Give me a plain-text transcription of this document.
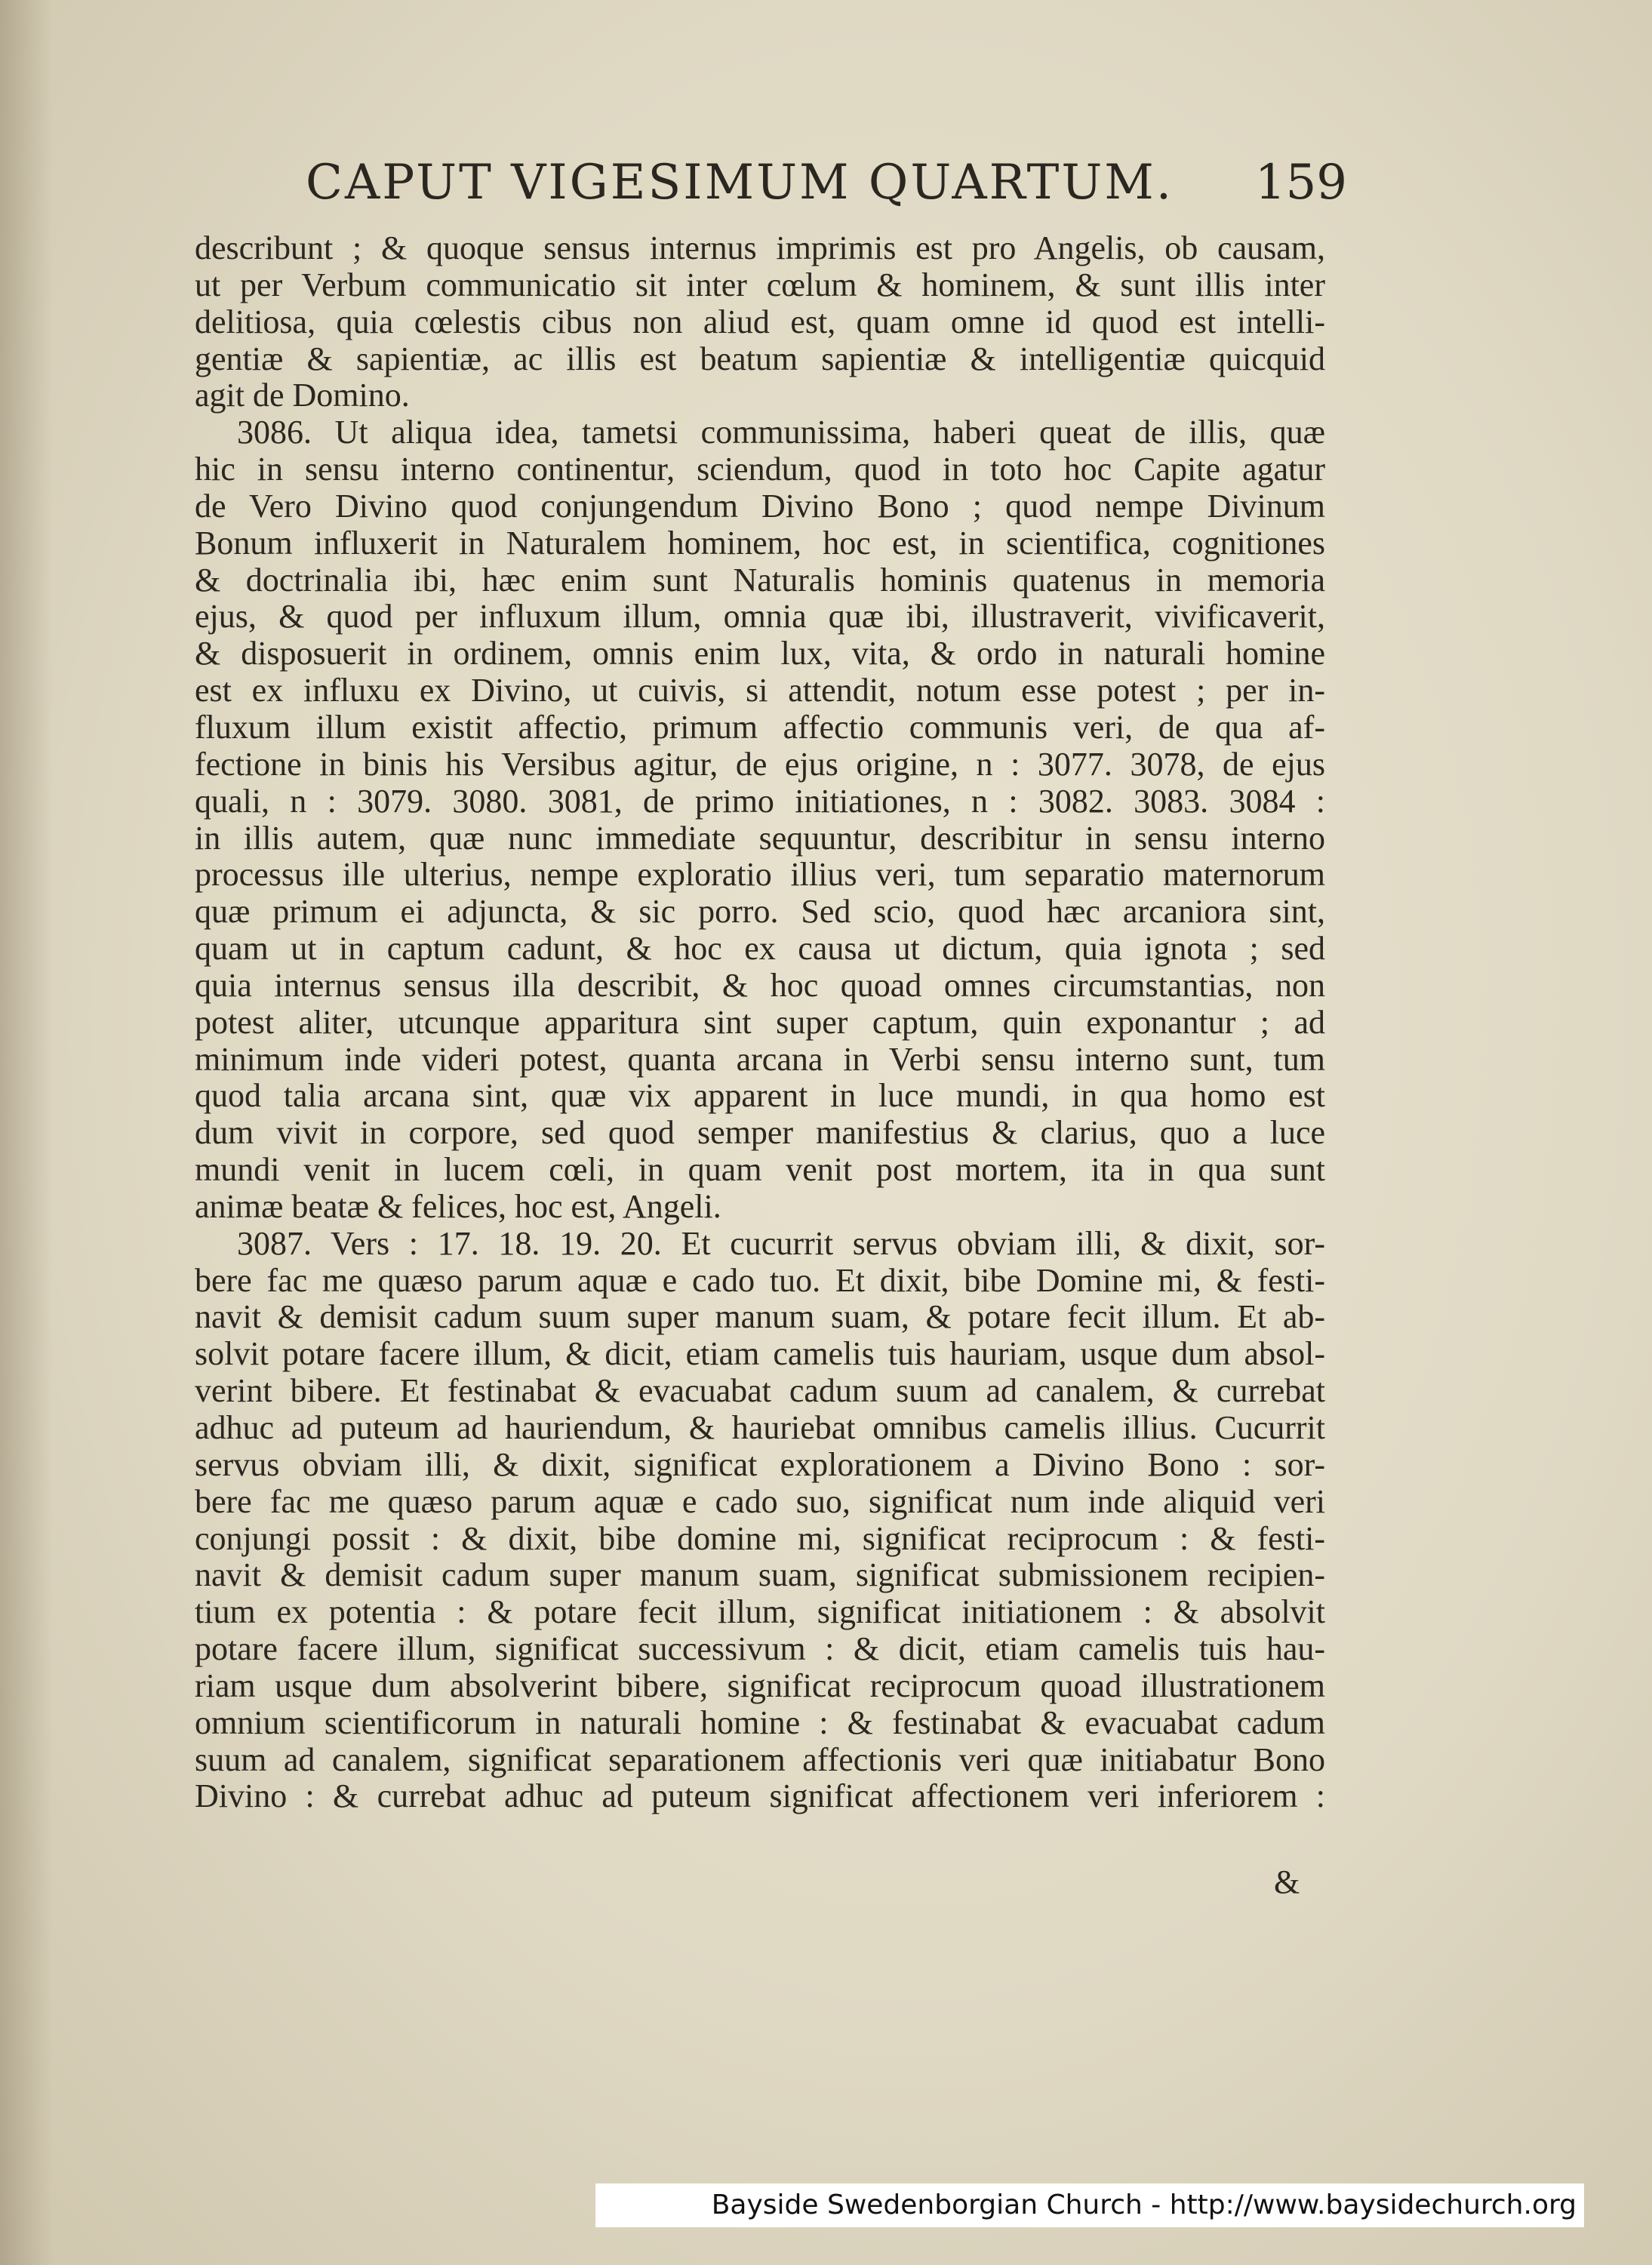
CAPUT VIGESIMUM QUARTUM. 159
describunt ; & quoque sensus internus imprimis est pro Angelis, ob causam,
ut per Verbum communicatio sit inter cœlum & hominem, & sunt illis inter
delitiosa, quia cœlestis cibus non aliud est, quam omne id quod est intelli-
gentiæ & sapientiæ, ac illis est beatum sapientiæ & intelligentiæ quicquid
agit de Domino.
3086. Ut aliqua idea, tametsi communissima, haberi queat de illis, quæ
hic in sensu interno continentur, sciendum, quod in toto hoc Capite agatur
de Vero Divino quod conjungendum Divino Bono ; quod nempe Divinum
Bonum influxerit in Naturalem hominem, hoc est, in scientifica, cognitiones
& doctrinalia ibi, hæc enim sunt Naturalis hominis quatenus in memoria
ejus, & quod per influxum illum, omnia quæ ibi, illustraverit, vivificaverit,
& disposuerit in ordinem, omnis enim lux, vita, & ordo in naturali homine
est ex influxu ex Divino, ut cuivis, si attendit, notum esse potest ; per in-
fluxum illum existit affectio, primum affectio communis veri, de qua af-
fectione in binis his Versibus agitur, de ejus origine, n : 3077. 3078, de ejus
quali, n : 3079. 3080. 3081, de primo initiationes, n : 3082. 3083. 3084 :
in illis autem, quæ nunc immediate sequuntur, describitur in sensu interno
processus ille ulterius, nempe exploratio illius veri, tum separatio maternorum
quæ primum ei adjuncta, & sic porro. Sed scio, quod hæc arcaniora sint,
quam ut in captum cadunt, & hoc ex causa ut dictum, quia ignota ; sed
quia internus sensus illa describit, & hoc quoad omnes circumstantias, non
potest aliter, utcunque apparitura sint super captum, quin exponantur ; ad
minimum inde videri potest, quanta arcana in Verbi sensu interno sunt, tum
quod talia arcana sint, quæ vix apparent in luce mundi, in qua homo est
dum vivit in corpore, sed quod semper manifestius & clarius, quo a luce
mundi venit in lucem cœli, in quam venit post mortem, ita in qua sunt
animæ beatæ & felices, hoc est, Angeli.
3087. Vers : 17. 18. 19. 20. Et cucurrit servus obviam illi, & dixit, sor-
bere fac me quæso parum aquæ e cado tuo. Et dixit, bibe Domine mi, & festi-
navit & demisit cadum suum super manum suam, & potare fecit illum. Et ab-
solvit potare facere illum, & dicit, etiam camelis tuis hauriam, usque dum absol-
verint bibere. Et festinabat & evacuabat cadum suum ad canalem, & currebat
adhuc ad puteum ad hauriendum, & hauriebat omnibus camelis illius. Cucurrit
servus obviam illi, & dixit, significat explorationem a Divino Bono : sor-
bere fac me quæso parum aquæ e cado suo, significat num inde aliquid veri
conjungi possit : & dixit, bibe domine mi, significat reciprocum : & festi-
navit & demisit cadum super manum suam, significat submissionem recipien-
tium ex potentia : & potare fecit illum, significat initiationem : & absolvit
potare facere illum, significat successivum : & dicit, etiam camelis tuis hau-
riam usque dum absolverint bibere, significat reciprocum quoad illustrationem
omnium scientificorum in naturali homine : & festinabat & evacuabat cadum
suum ad canalem, significat separationem affectionis veri quæ initiabatur Bono
Divino : & currebat adhuc ad puteum significat affectionem veri inferiorem :
&
Bayside Swedenborgian Church - http://www.baysidechurch.org
